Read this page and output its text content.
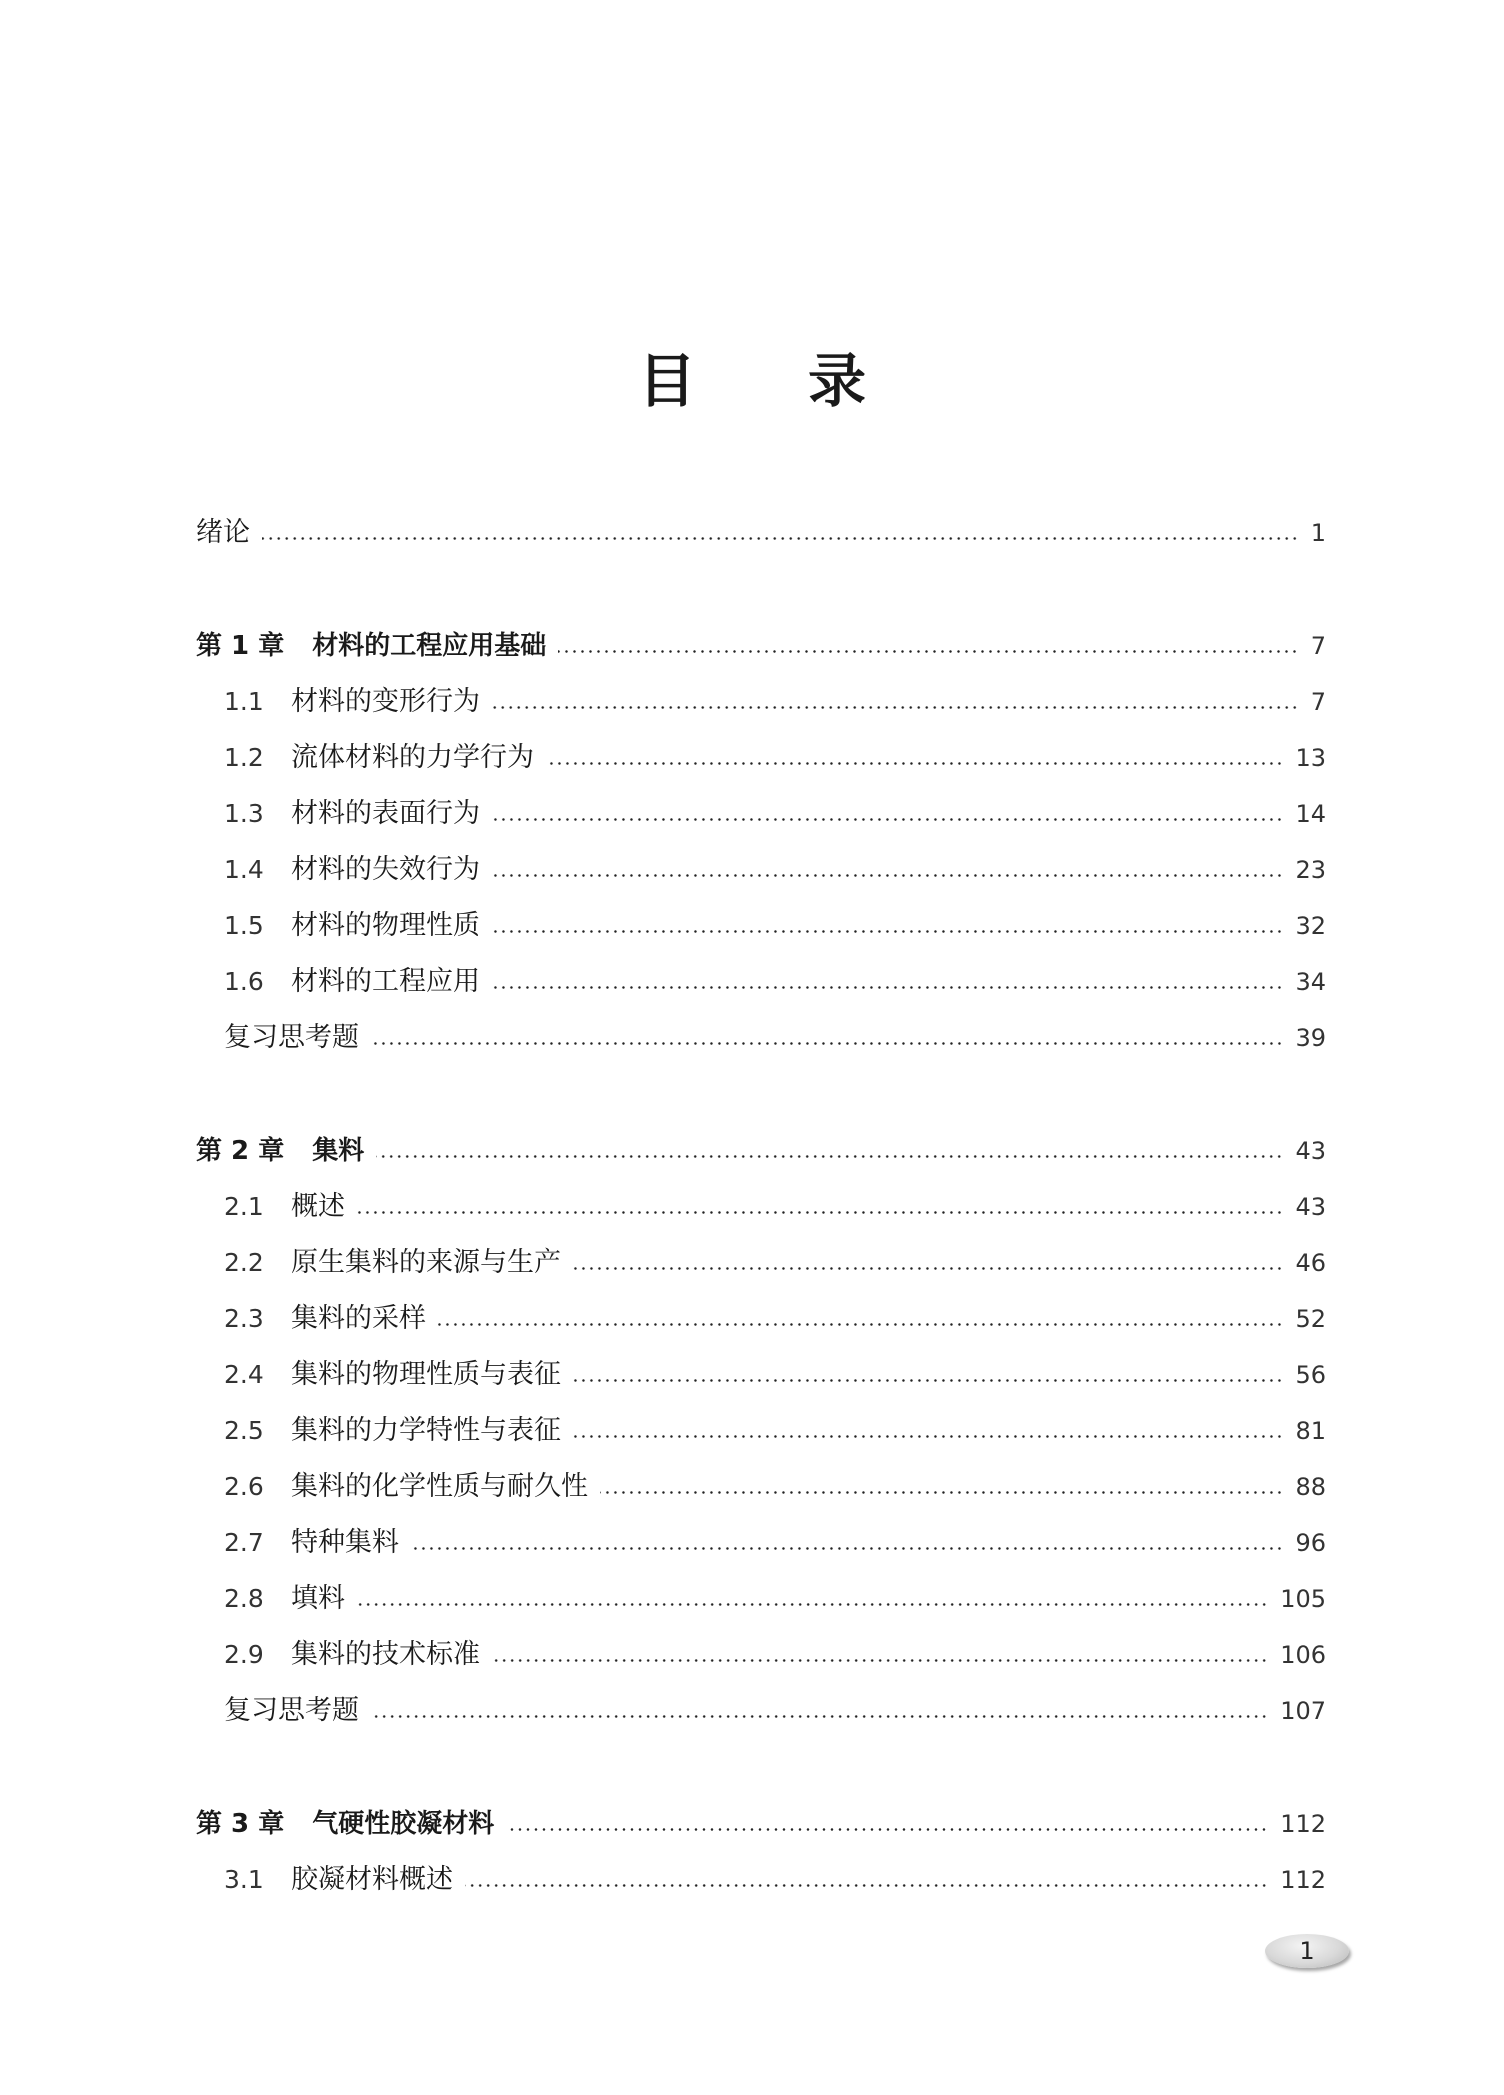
目 录
绪论	1
第 1 章 材料的工程应用基础	7
1.1	材料的变形行为	7
1.2	流体材料的力学行为	13
1.3	材料的表面行为	14
1.4	材料的失效行为	23
1.5	材料的物理性质	32
1.6	材料的工程应用	34
复习思考题	39
第 2 章 集料	43
2.1	概述	43
2.2	原生集料的来源与生产	46
2.3	集料的采样	52
2.4	集料的物理性质与表征	56
2.5	集料的力学特性与表征	81
2.6	集料的化学性质与耐久性	88
2.7	特种集料	96
2.8	填料	105
2.9	集料的技术标准	106
复习思考题	107
第 3 章 气硬性胶凝材料	112
3.1	胶凝材料概述	112
1
